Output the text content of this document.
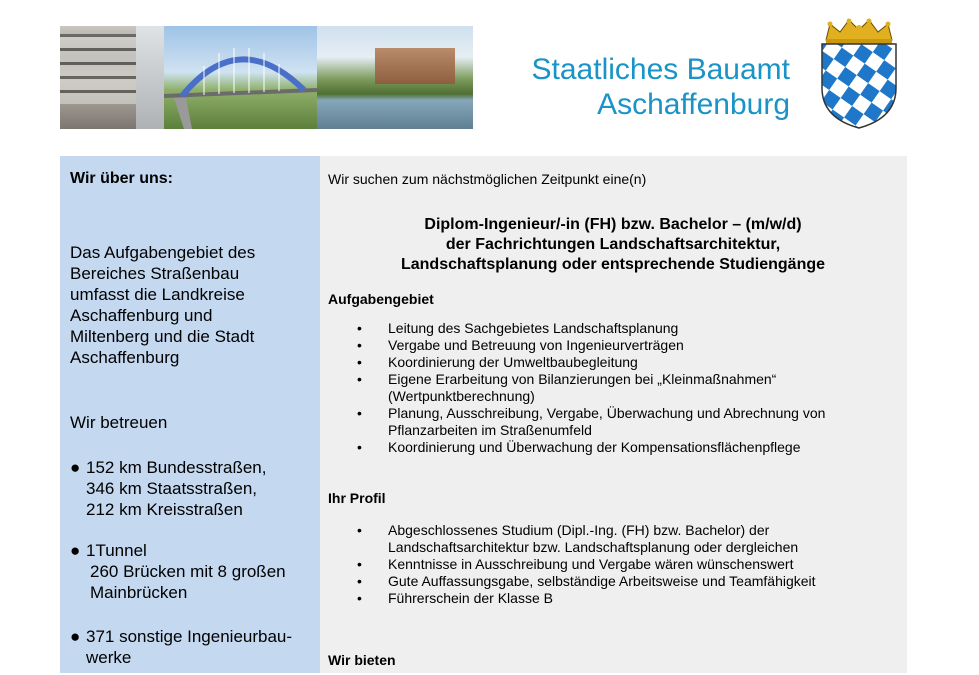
Staatliches Bauamt
Aschaffenburg
Wir über uns:
Das Aufgabengebiet des
Bereiches Straßenbau
umfasst die Landkreise
Aschaffenburg und
Miltenberg und die Stadt
Aschaffenburg
Wir betreuen
● 152 km Bundesstraßen,
346 km Staatsstraßen,
212 km Kreisstraßen
● 1Tunnel
260 Brücken mit 8 großen
Mainbrücken
● 371 sonstige Ingenieurbau-
werke
Wir suchen zum nächstmöglichen Zeitpunkt eine(n)
Diplom-Ingenieur/-in (FH) bzw. Bachelor – (m/w/d)
der Fachrichtungen Landschaftsarchitektur,
Landschaftsplanung oder entsprechende Studiengänge
Aufgabengebiet
• Leitung des Sachgebietes Landschaftsplanung
• Vergabe und Betreuung von Ingenieurverträgen
• Koordinierung der Umweltbaubegleitung
• Eigene Erarbeitung von Bilanzierungen bei „Kleinmaßnahmen“ (Wertpunktberechnung)
• Planung, Ausschreibung, Vergabe, Überwachung und Abrechnung von Pflanzarbeiten im Straßenumfeld
• Koordinierung und Überwachung der Kompensationsflächenpflege
Ihr Profil
• Abgeschlossenes Studium (Dipl.-Ing. (FH) bzw. Bachelor) der Landschaftsarchitektur bzw. Landschaftsplanung oder dergleichen
• Kenntnisse in Ausschreibung und Vergabe wären wünschenswert
• Gute Auffassungsgabe, selbständige Arbeitsweise und Teamfähigkeit
• Führerschein der Klasse B
Wir bieten
